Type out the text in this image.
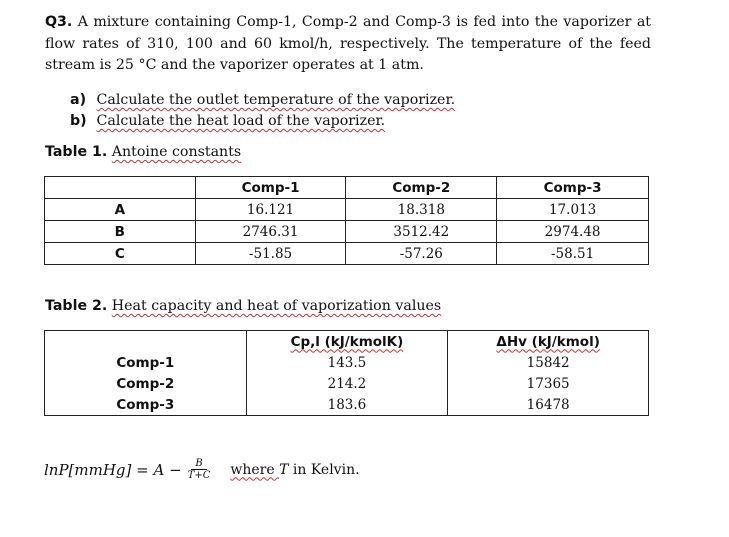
Q3. A mixture containing Comp-1, Comp-2 and Comp-3 is fed into the vaporizer at flow rates of 310, 100 and 60 kmol/h, respectively. The temperature of the feed stream is 25 °C and the vaporizer operates at 1 atm.
a) Calculate the outlet temperature of the vaporizer.
b) Calculate the heat load of the vaporizer.
Table 1. Antoine constants
	Comp-1	Comp-2	Comp-3
A	16.121	18.318	17.013
B	2746.31	3512.42	2974.48
C	-51.85	-57.26	-58.51
Table 2. Heat capacity and heat of vaporization values
	Cp,l (kJ/kmolK)	ΔHv (kJ/kmol)
Comp-1	143.5	15842
Comp-2	214.2	17365
Comp-3	183.6	16478
lnP[mmHg] = $A - \frac{B}{T+C}$ where T in Kelvin.
